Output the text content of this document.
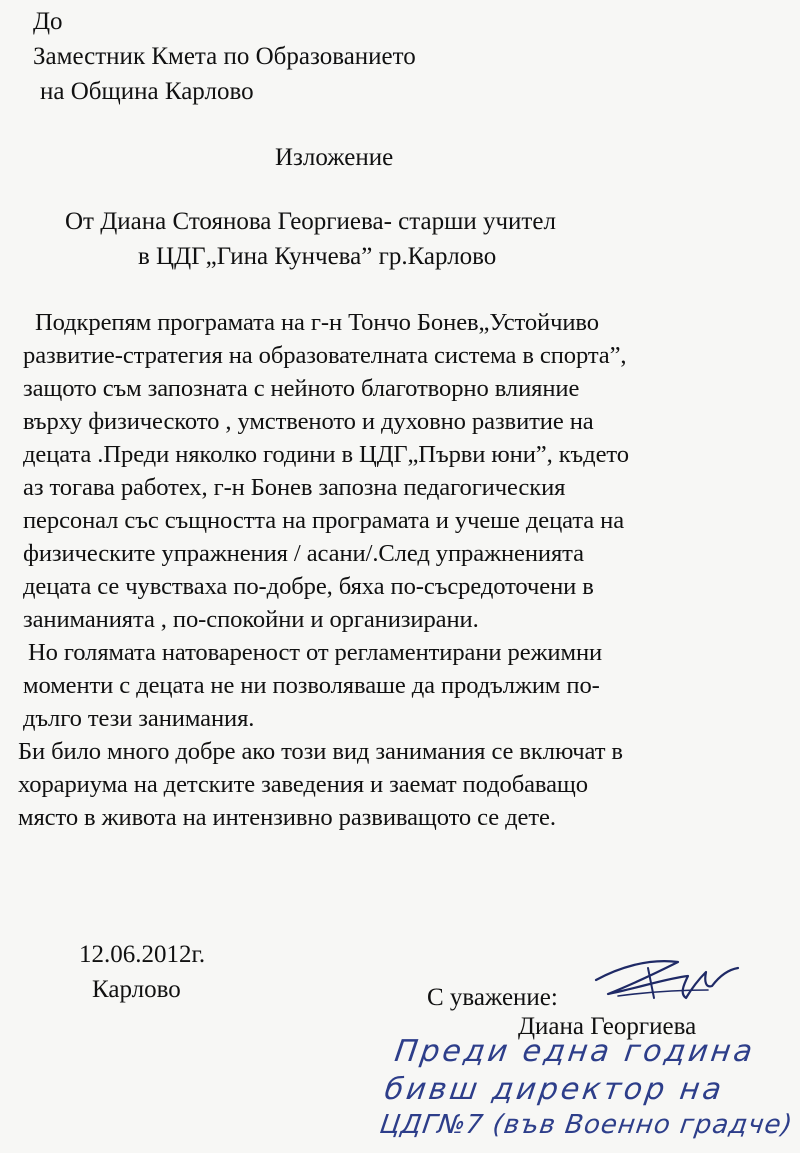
До
Заместник Кмета по Образованието
на Община Карлово
Изложение
От Диана Стоянова Георгиева- старши учител
в ЦДГ„Гина Кунчева” гр.Карлово
Подкрепям програмата на г-н Тончо Бонев„Устойчиво
развитие-стратегия на образователната система в спорта”,
защото съм запозната с нейното благотворно влияние
върху физическото , умственото и духовно развитие на
децата .Преди няколко години в ЦДГ„Първи юни”, където
аз тогава работех, г-н Бонев запозна педагогическия
персонал със същността на програмата и учеше децата на
физическите упражнения / асани/.След упражненията
децата се чувстваха по-добре, бяха по-съсредоточени в
заниманията , по-спокойни и организирани.
Но голямата натовареност от регламентирани режимни
моменти с децата не ни позволяваше да продължим по-
дълго тези занимания.
Би било много добре ако този вид занимания се включат в
хорариума на детските заведения и заемат подобаващо
място в живота на интензивно развиващото се дете.
12.06.2012г.
Карлово	С уважение:
Диана Георгиева
Преди една година
бивш директор на
ЦДГ№7 (във Военно градче)
